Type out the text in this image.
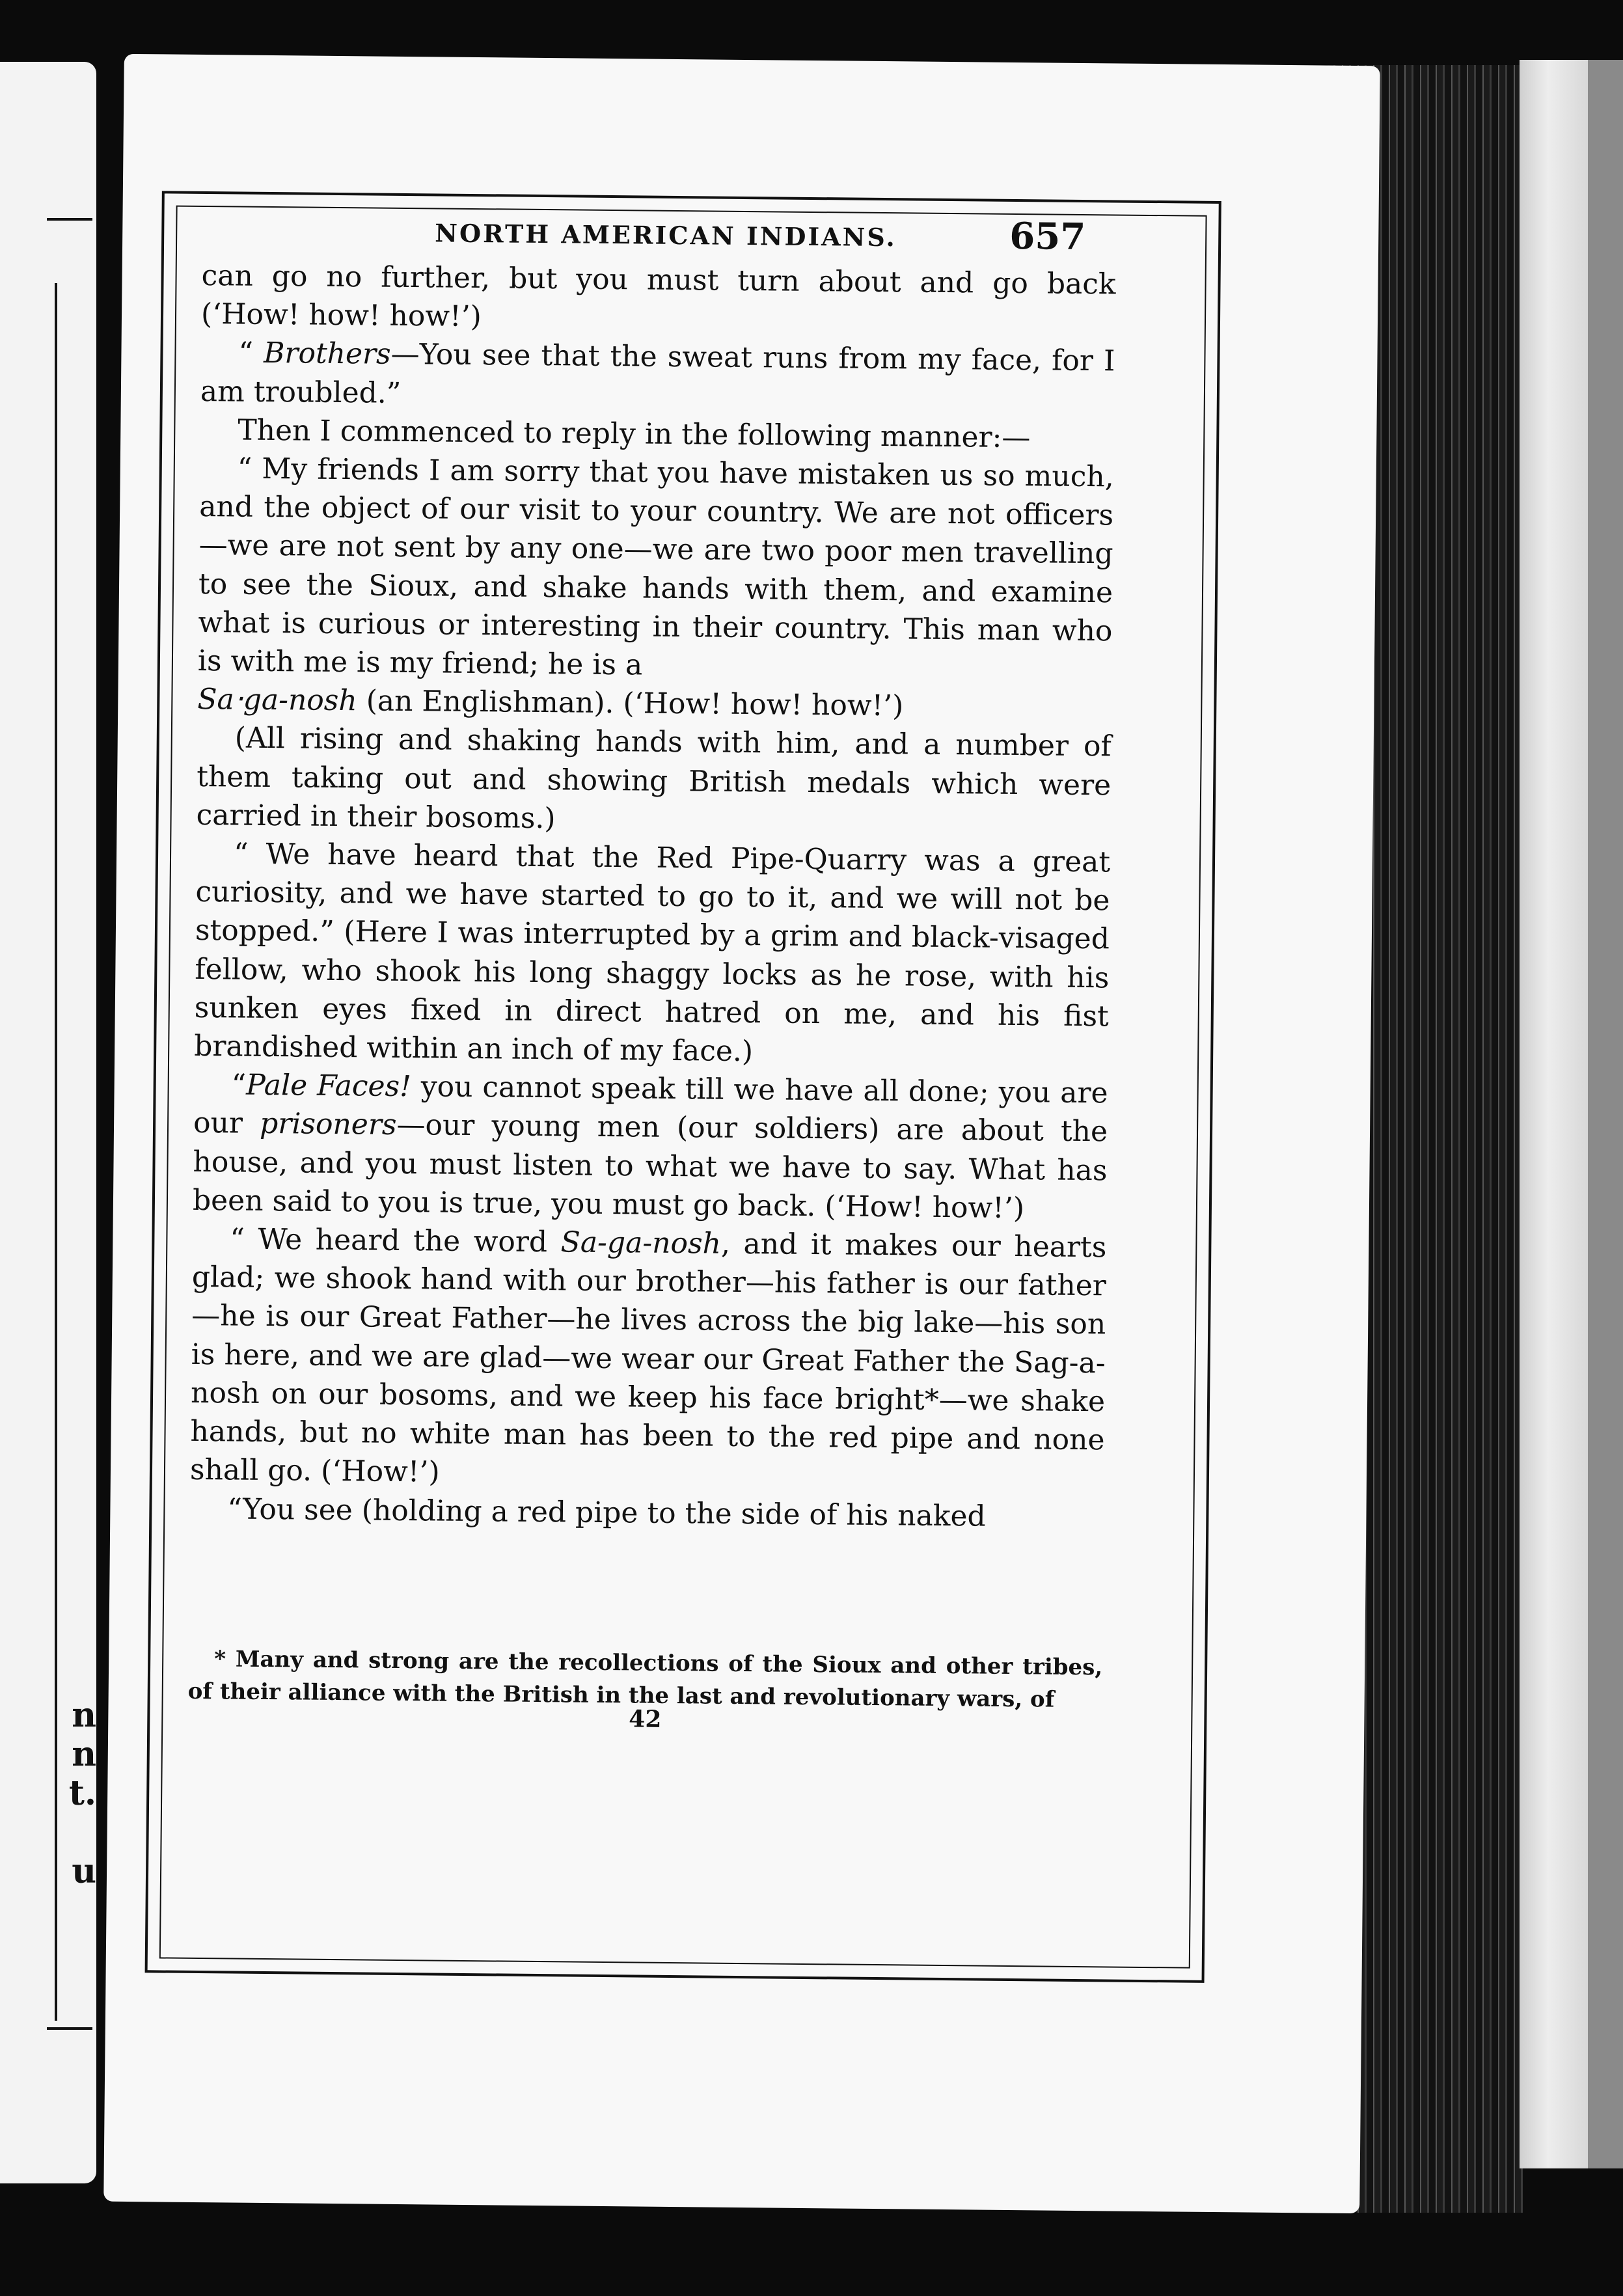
n
n
t.
u
NORTH AMERICAN INDIANS.	657

can go no further, but you must turn about and go back (‘How! how! how!’)

“ Brothers—You see that the sweat runs from my face, for I am troubled.”

Then I commenced to reply in the following manner:—

“ My friends I am sorry that you have mistaken us so much, and the object of our visit to your country. We are not officers—we are not sent by any one—we are two poor men travelling to see the Sioux, and shake hands with them, and examine what is curious or interesting in their country. This man who is with me is my friend; he is a

Sa‧ga-nosh (an Englishman). (‘How! how! how!’)

(All rising and shaking hands with him, and a number of them taking out and showing British medals which were carried in their bosoms.)

“ We have heard that the Red Pipe-Quarry was a great curiosity, and we have started to go to it, and we will not be stopped.” (Here I was interrupted by a grim and black-visaged fellow, who shook his long shaggy locks as he rose, with his sunken eyes fixed in direct hatred on me, and his fist brandished within an inch of my face.)

“Pale Faces! you cannot speak till we have all done; you are our prisoners—our young men (our soldiers) are about the house, and you must listen to what we have to say. What has been said to you is true, you must go back. (‘How! how!’)

“ We heard the word Sa-ga-nosh, and it makes our hearts glad; we shook hand with our brother—his father is our father—he is our Great Father—he lives across the big lake—his son is here, and we are glad—we wear our Great Father the Sag-a-nosh on our bosoms, and we keep his face bright*—we shake hands, but no white man has been to the red pipe and none shall go. (‘How!’)

“You see (holding a red pipe to the side of his naked

* Many and strong are the recollections of the Sioux and other tribes, of their alliance with the British in the last and revolutionary wars, of
42
